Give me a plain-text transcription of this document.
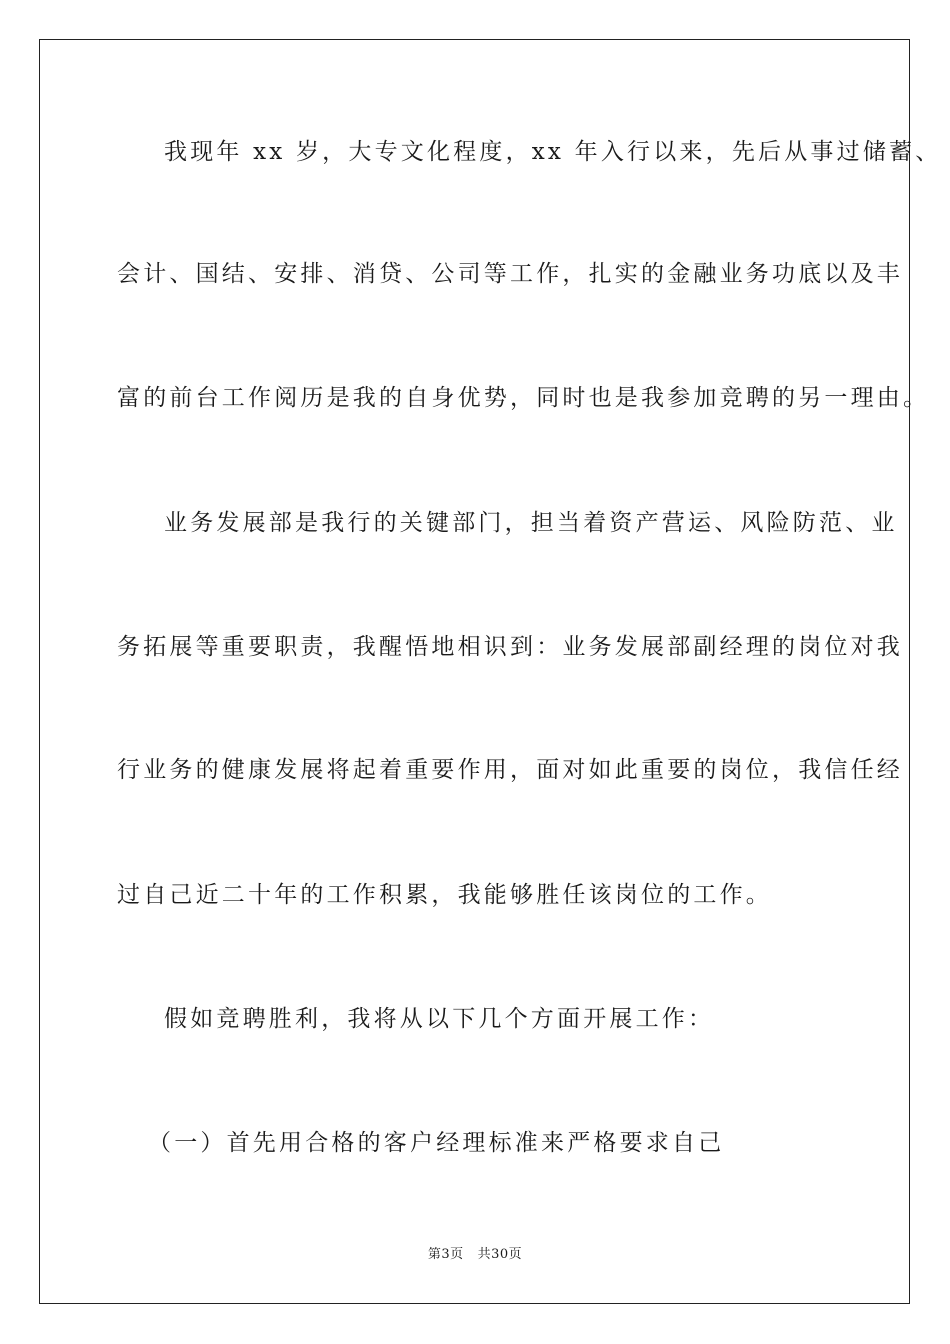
我现年 xx 岁，大专文化程度，xx 年入行以来，先后从事过储蓄、
会计、国结、安排、消贷、公司等工作，扎实的金融业务功底以及丰
富的前台工作阅历是我的自身优势，同时也是我参加竞聘的另一理由。
业务发展部是我行的关键部门，担当着资产营运、风险防范、业
务拓展等重要职责，我醒悟地相识到：业务发展部副经理的岗位对我
行业务的健康发展将起着重要作用，面对如此重要的岗位，我信任经
过自己近二十年的工作积累，我能够胜任该岗位的工作。
假如竞聘胜利，我将从以下几个方面开展工作：
（一）首先用合格的客户经理标准来严格要求自己
第3页 共30页
